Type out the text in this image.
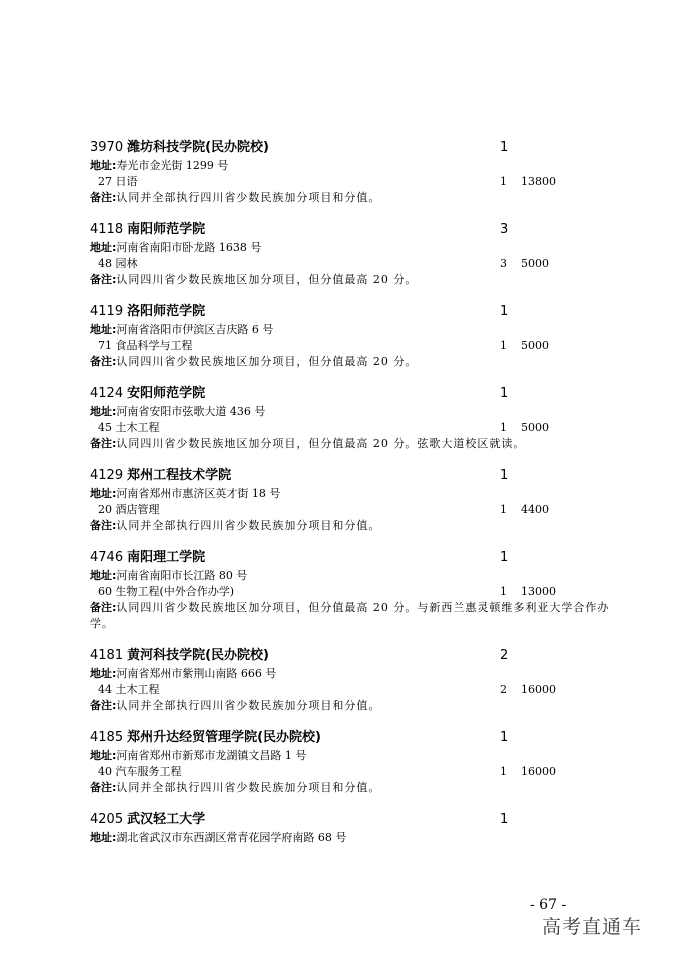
3970 潍坊科技学院(民办院校)	1
地址:寿光市金光街 1299 号
27 日语	1 13800
备注:认同并全部执行四川省少数民族加分项目和分值。
4118 南阳师范学院	3
地址:河南省南阳市卧龙路 1638 号
48 园林	3 5000
备注:认同四川省少数民族地区加分项目，但分值最高 20 分。
4119 洛阳师范学院	1
地址:河南省洛阳市伊滨区吉庆路 6 号
71 食品科学与工程	1 5000
备注:认同四川省少数民族地区加分项目，但分值最高 20 分。
4124 安阳师范学院	1
地址:河南省安阳市弦歌大道 436 号
45 土木工程	1 5000
备注:认同四川省少数民族地区加分项目，但分值最高 20 分。弦歌大道校区就读。
4129 郑州工程技术学院	1
地址:河南省郑州市惠济区英才街 18 号
20 酒店管理	1 4400
备注:认同并全部执行四川省少数民族加分项目和分值。
4746 南阳理工学院	1
地址:河南省南阳市长江路 80 号
60 生物工程(中外合作办学)	1 13000
备注:认同四川省少数民族地区加分项目，但分值最高 20 分。与新西兰惠灵顿维多利亚大学合作办学。
4181 黄河科技学院(民办院校)	2
地址:河南省郑州市紫荆山南路 666 号
44 土木工程	2 16000
备注:认同并全部执行四川省少数民族加分项目和分值。
4185 郑州升达经贸管理学院(民办院校)	1
地址:河南省郑州市新郑市龙湖镇文昌路 1 号
40 汽车服务工程	1 16000
备注:认同并全部执行四川省少数民族加分项目和分值。
4205 武汉轻工大学	1
地址:湖北省武汉市东西湖区常青花园学府南路 68 号
- 67 -
高考直通车
